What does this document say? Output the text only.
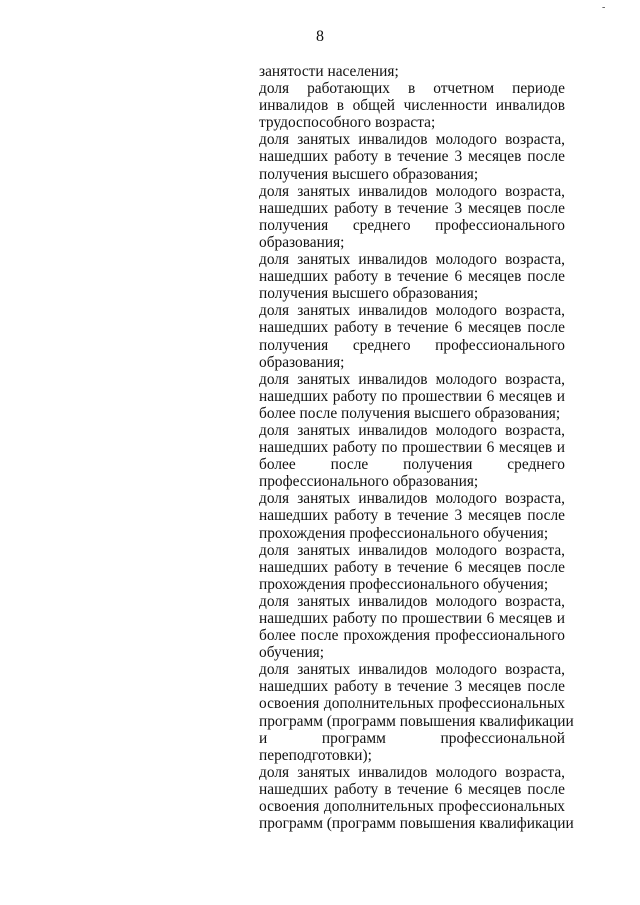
8
-
занятости населения;
доля работающих в отчетном периоде
инвалидов в общей численности инвалидов
трудоспособного возраста;
доля занятых инвалидов молодого возраста,
нашедших работу в течение 3 месяцев после
получения высшего образования;
доля занятых инвалидов молодого возраста,
нашедших работу в течение 3 месяцев после
получения среднего профессионального
образования;
доля занятых инвалидов молодого возраста,
нашедших работу в течение 6 месяцев после
получения высшего образования;
доля занятых инвалидов молодого возраста,
нашедших работу в течение 6 месяцев после
получения среднего профессионального
образования;
доля занятых инвалидов молодого возраста,
нашедших работу по прошествии 6 месяцев и
более после получения высшего образования;
доля занятых инвалидов молодого возраста,
нашедших работу по прошествии 6 месяцев и
более после получения среднего
профессионального образования;
доля занятых инвалидов молодого возраста,
нашедших работу в течение 3 месяцев после
прохождения профессионального обучения;
доля занятых инвалидов молодого возраста,
нашедших работу в течение 6 месяцев после
прохождения профессионального обучения;
доля занятых инвалидов молодого возраста,
нашедших работу по прошествии 6 месяцев и
более после прохождения профессионального
обучения;
доля занятых инвалидов молодого возраста,
нашедших работу в течение 3 месяцев после
освоения дополнительных профессиональных
программ (программ повышения квалификации
и программ профессиональной
переподготовки);
доля занятых инвалидов молодого возраста,
нашедших работу в течение 6 месяцев после
освоения дополнительных профессиональных
программ (программ повышения квалификации
